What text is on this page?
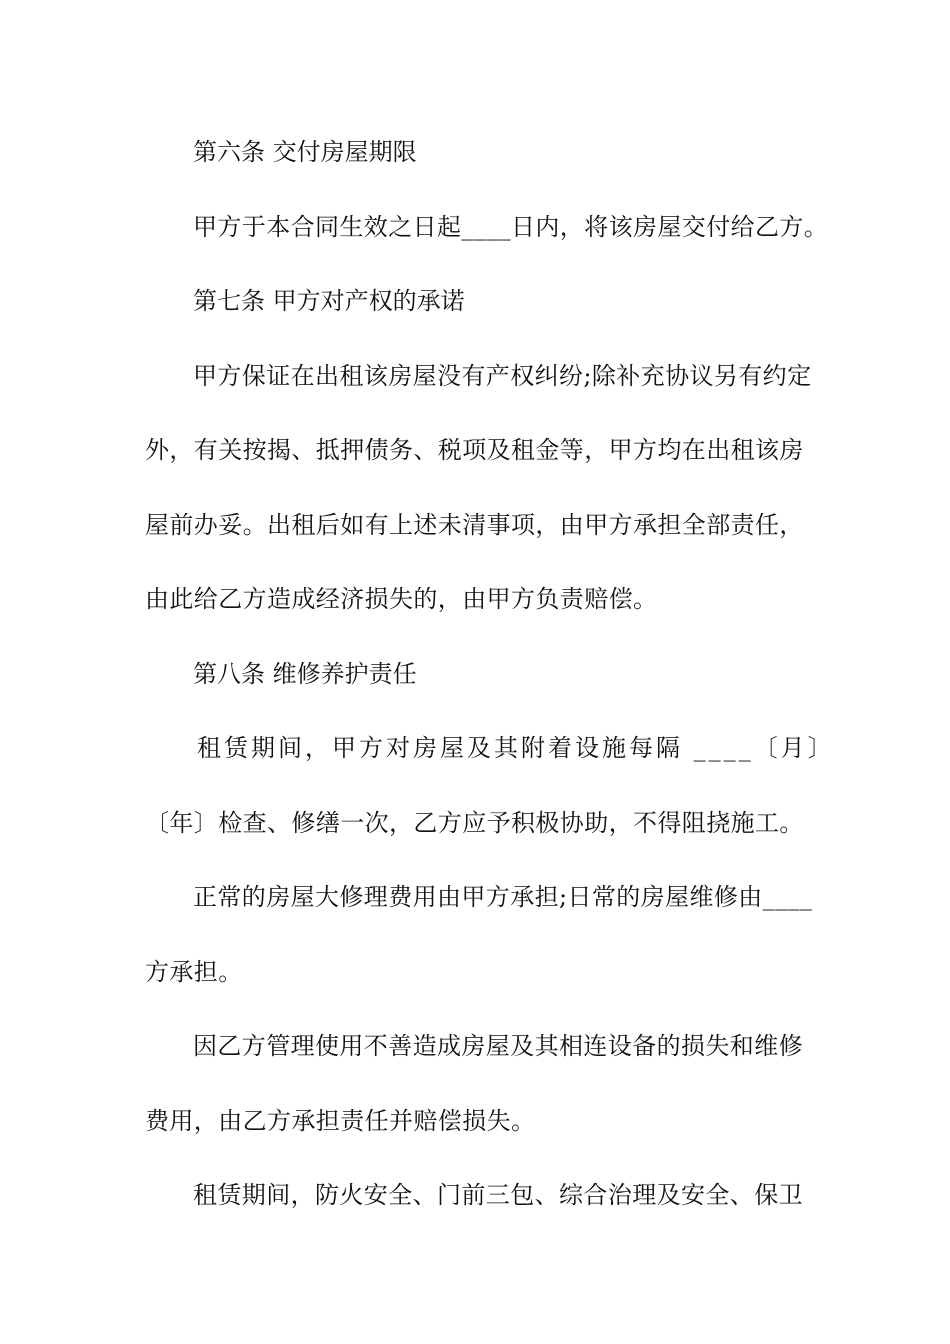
第六条 交付房屋期限
甲方于本合同生效之日起____日内，将该房屋交付给乙方。
第七条 甲方对产权的承诺
甲方保证在出租该房屋没有产权纠纷;除补充协议另有约定
外，有关按揭、抵押债务、税项及租金等，甲方均在出租该房
屋前办妥。出租后如有上述未清事项，由甲方承担全部责任，
由此给乙方造成经济损失的，由甲方负责赔偿。
第八条 维修养护责任
租赁期间，甲方对房屋及其附着设施每隔 ____〔月〕
〔年〕检查、修缮一次，乙方应予积极协助，不得阻挠施工。
正常的房屋大修理费用由甲方承担;日常的房屋维修由____
方承担。
因乙方管理使用不善造成房屋及其相连设备的损失和维修
费用，由乙方承担责任并赔偿损失。
租赁期间，防火安全、门前三包、综合治理及安全、保卫
